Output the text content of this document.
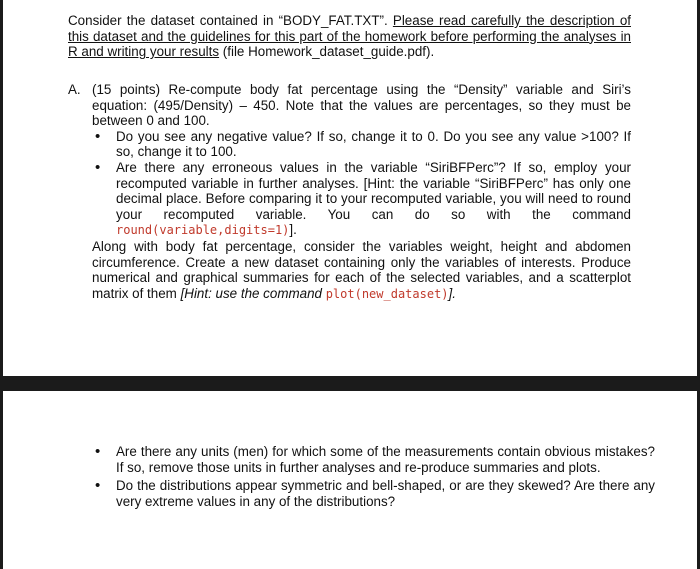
Consider the dataset contained in “BODY_FAT.TXT”. Please read carefully the description of this dataset and the guidelines for this part of the homework before performing the analyses in R and writing your results (file Homework_dataset_guide.pdf).

A. (15 points) Re-compute body fat percentage using the “Density” variable and Siri’s equation: (495/Density) – 450. Note that the values are percentages, so they must be between 0 and 100.
• Do you see any negative value? If so, change it to 0. Do you see any value >100? If so, change it to 100.
• Are there any erroneous values in the variable “SiriBFPerc”? If so, employ your recomputed variable in further analyses. [Hint: the variable “SiriBFPerc” has only one decimal place. Before comparing it to your recomputed variable, you will need to round your recomputed variable. You can do so with the command round(variable,digits=1)].

Along with body fat percentage, consider the variables weight, height and abdomen circumference. Create a new dataset containing only the variables of interests. Produce numerical and graphical summaries for each of the selected variables, and a scatterplot matrix of them [Hint: use the command plot(new_dataset)].

• Are there any units (men) for which some of the measurements contain obvious mistakes? If so, remove those units in further analyses and re-produce summaries and plots.
• Do the distributions appear symmetric and bell-shaped, or are they skewed? Are there any very extreme values in any of the distributions?
